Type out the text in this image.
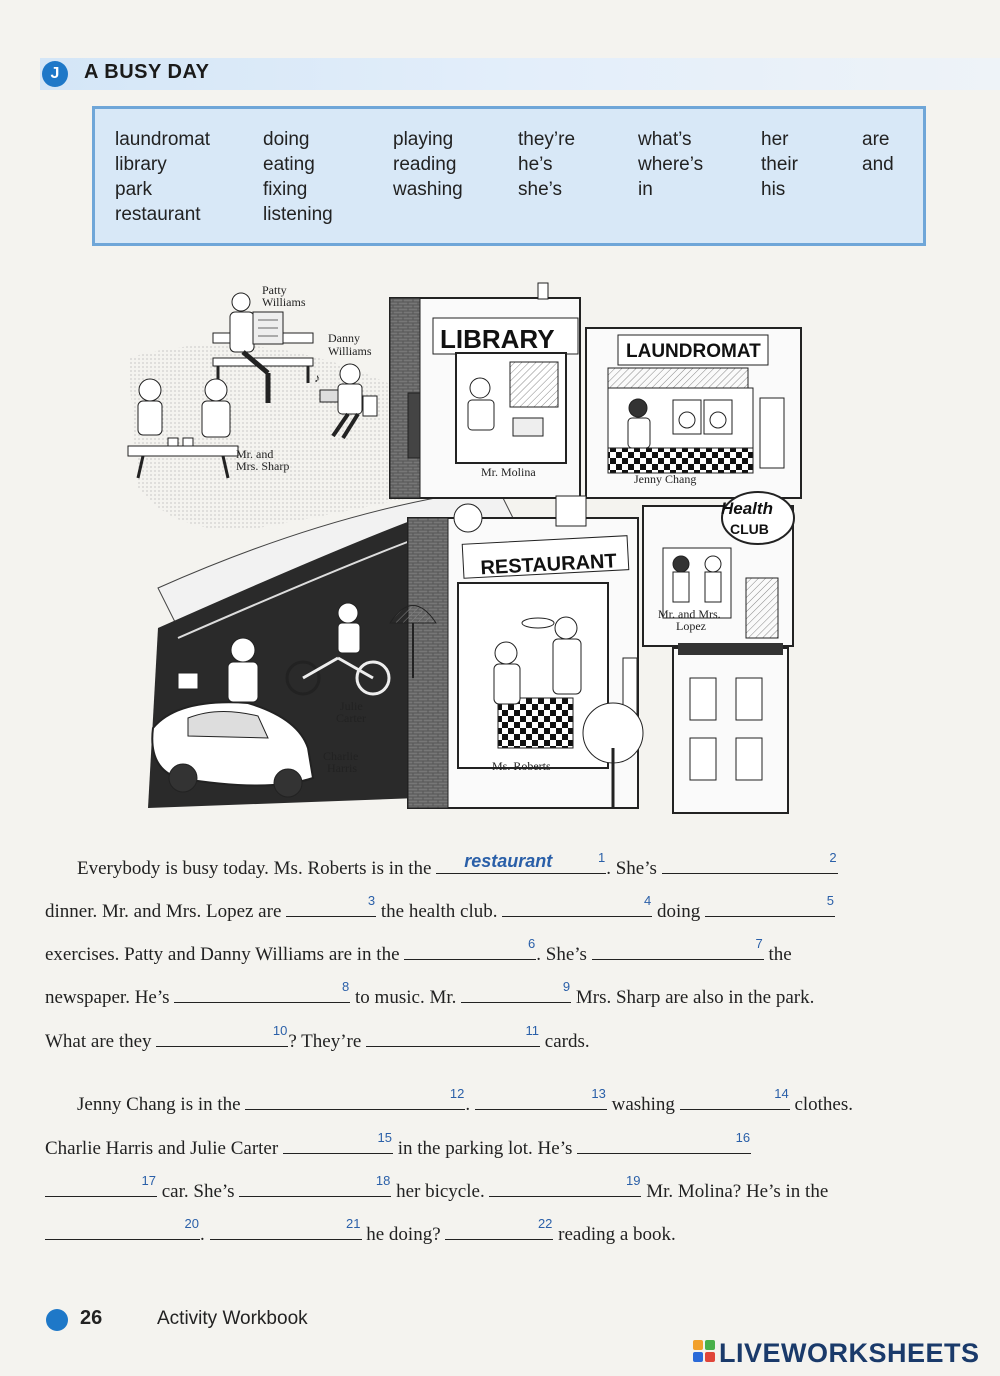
J	A BUSY DAY
laundromat
library
park
restaurant
doing
eating
fixing
listening
playing
reading
washing
they’re
he’s
she’s
what’s
where’s
in
her
their
his
are
and
♪
LIBRARY	LAUNDROMAT
RESTAURANT
Health
CLUB
Patty
Williams
Danny
Williams
Mr. and
Mrs. Sharp	Mr. Molina	Jenny Chang
Mr. and Mrs.
Lopez
Julie
Carter
Charlie
Harris	Ms. Roberts
Everybody is busy today. Ms. Roberts is in the restaurant	1
. She’s
2
dinner. Mr. and Mrs. Lopez are
3
the health club.
4
doing
5
exercises. Patty and Danny Williams are in the
6
. She’s
7
the
newspaper. He’s
8
to music. Mr.
9
Mrs. Sharp are also in the park.
What are they
10
? They’re
11
cards.
Jenny Chang is in the
12
.
13
washing
14
clothes.
Charlie Harris and Julie Carter
15
in the parking lot. He’s
16
17
car. She’s
18
her bicycle.
19
Mr. Molina? He’s in the
20
.
21
he doing?
22
reading a book.
26	Activity Workbook
LIVEWORKSHEETS
